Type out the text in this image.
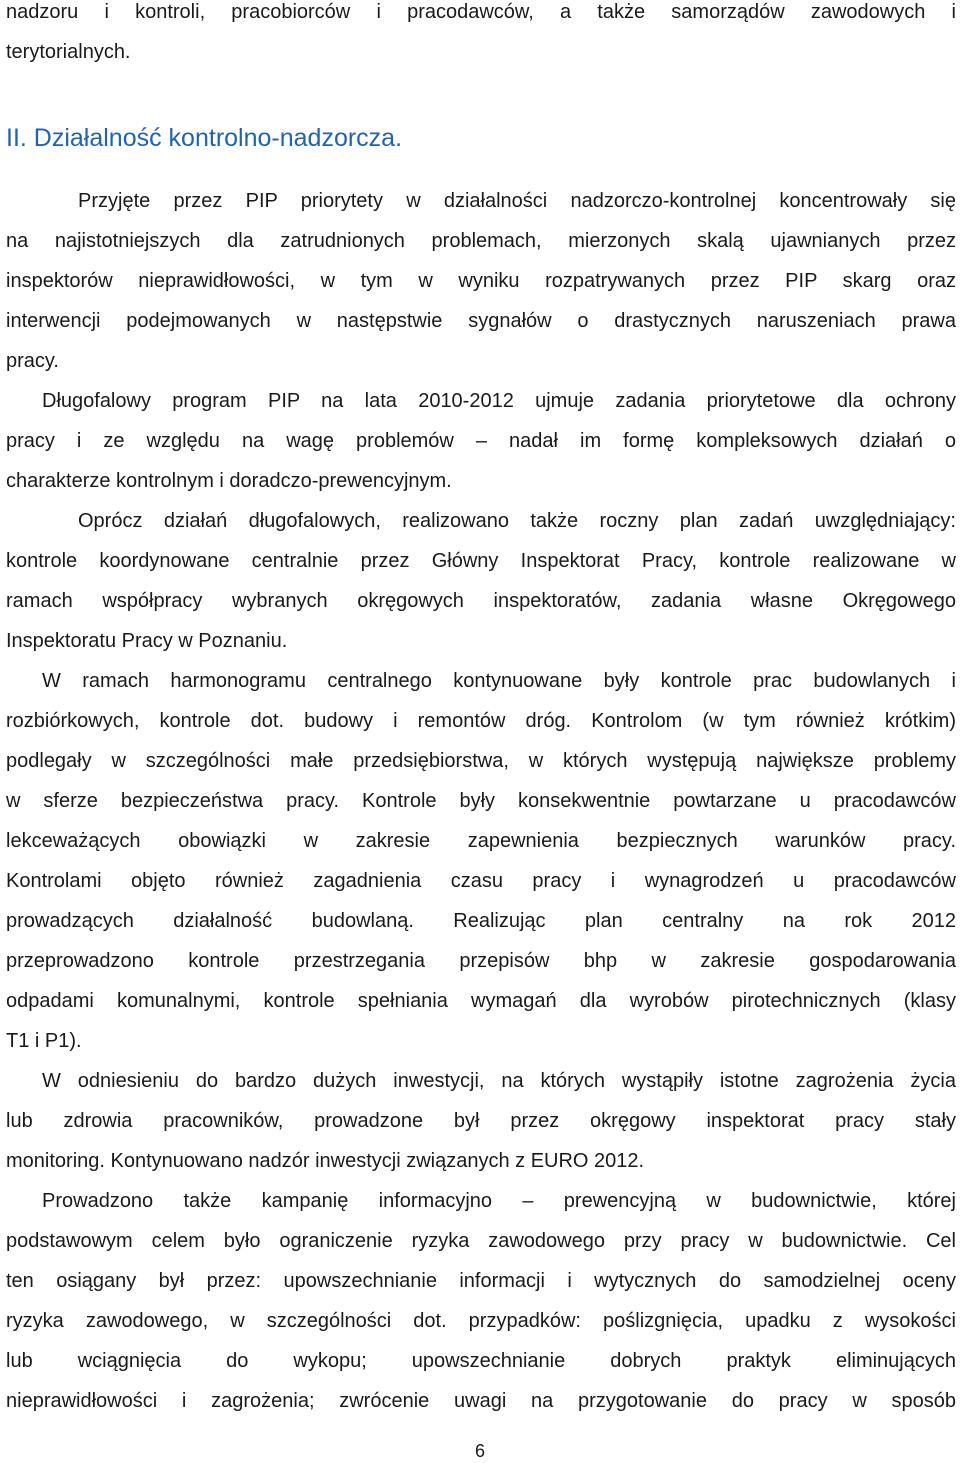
nadzoru i kontroli, pracobiorców i pracodawców, a także samorządów zawodowych i
terytorialnych.
II. Działalność kontrolno-nadzorcza.
Przyjęte przez PIP priorytety w działalności nadzorczo-kontrolnej koncentrowały się
na najistotniejszych dla zatrudnionych problemach, mierzonych skalą ujawnianych przez
inspektorów nieprawidłowości, w tym w wyniku rozpatrywanych przez PIP skarg oraz
interwencji podejmowanych w następstwie sygnałów o drastycznych naruszeniach prawa
pracy.
Długofalowy program PIP na lata 2010-2012 ujmuje zadania priorytetowe dla ochrony
pracy i ze względu na wagę problemów – nadał im formę kompleksowych działań o
charakterze kontrolnym i doradczo-prewencyjnym.
Oprócz działań długofalowych, realizowano także roczny plan zadań uwzględniający:
kontrole koordynowane centralnie przez Główny Inspektorat Pracy, kontrole realizowane w
ramach współpracy wybranych okręgowych inspektoratów, zadania własne Okręgowego
Inspektoratu Pracy w Poznaniu.
W ramach harmonogramu centralnego kontynuowane były kontrole prac budowlanych i
rozbiórkowych, kontrole dot. budowy i remontów dróg. Kontrolom (w tym również krótkim)
podlegały w szczególności małe przedsiębiorstwa, w których występują największe problemy
w sferze bezpieczeństwa pracy. Kontrole były konsekwentnie powtarzane u pracodawców
lekceważących obowiązki w zakresie zapewnienia bezpiecznych warunków pracy.
Kontrolami objęto również zagadnienia czasu pracy i wynagrodzeń u pracodawców
prowadzących działalność budowlaną. Realizując plan centralny na rok 2012
przeprowadzono kontrole przestrzegania przepisów bhp w zakresie gospodarowania
odpadami komunalnymi, kontrole spełniania wymagań dla wyrobów pirotechnicznych (klasy
T1 i P1).
W odniesieniu do bardzo dużych inwestycji, na których wystąpiły istotne zagrożenia życia
lub zdrowia pracowników, prowadzone był przez okręgowy inspektorat pracy stały
monitoring. Kontynuowano nadzór inwestycji związanych z EURO 2012.
Prowadzono także kampanię informacyjno – prewencyjną w budownictwie, której
podstawowym celem było ograniczenie ryzyka zawodowego przy pracy w budownictwie. Cel
ten osiągany był przez: upowszechnianie informacji i wytycznych do samodzielnej oceny
ryzyka zawodowego, w szczególności dot. przypadków: poślizgnięcia, upadku z wysokości
lub wciągnięcia do wykopu; upowszechnianie dobrych praktyk eliminujących
nieprawidłowości i zagrożenia; zwrócenie uwagi na przygotowanie do pracy w sposób
6
